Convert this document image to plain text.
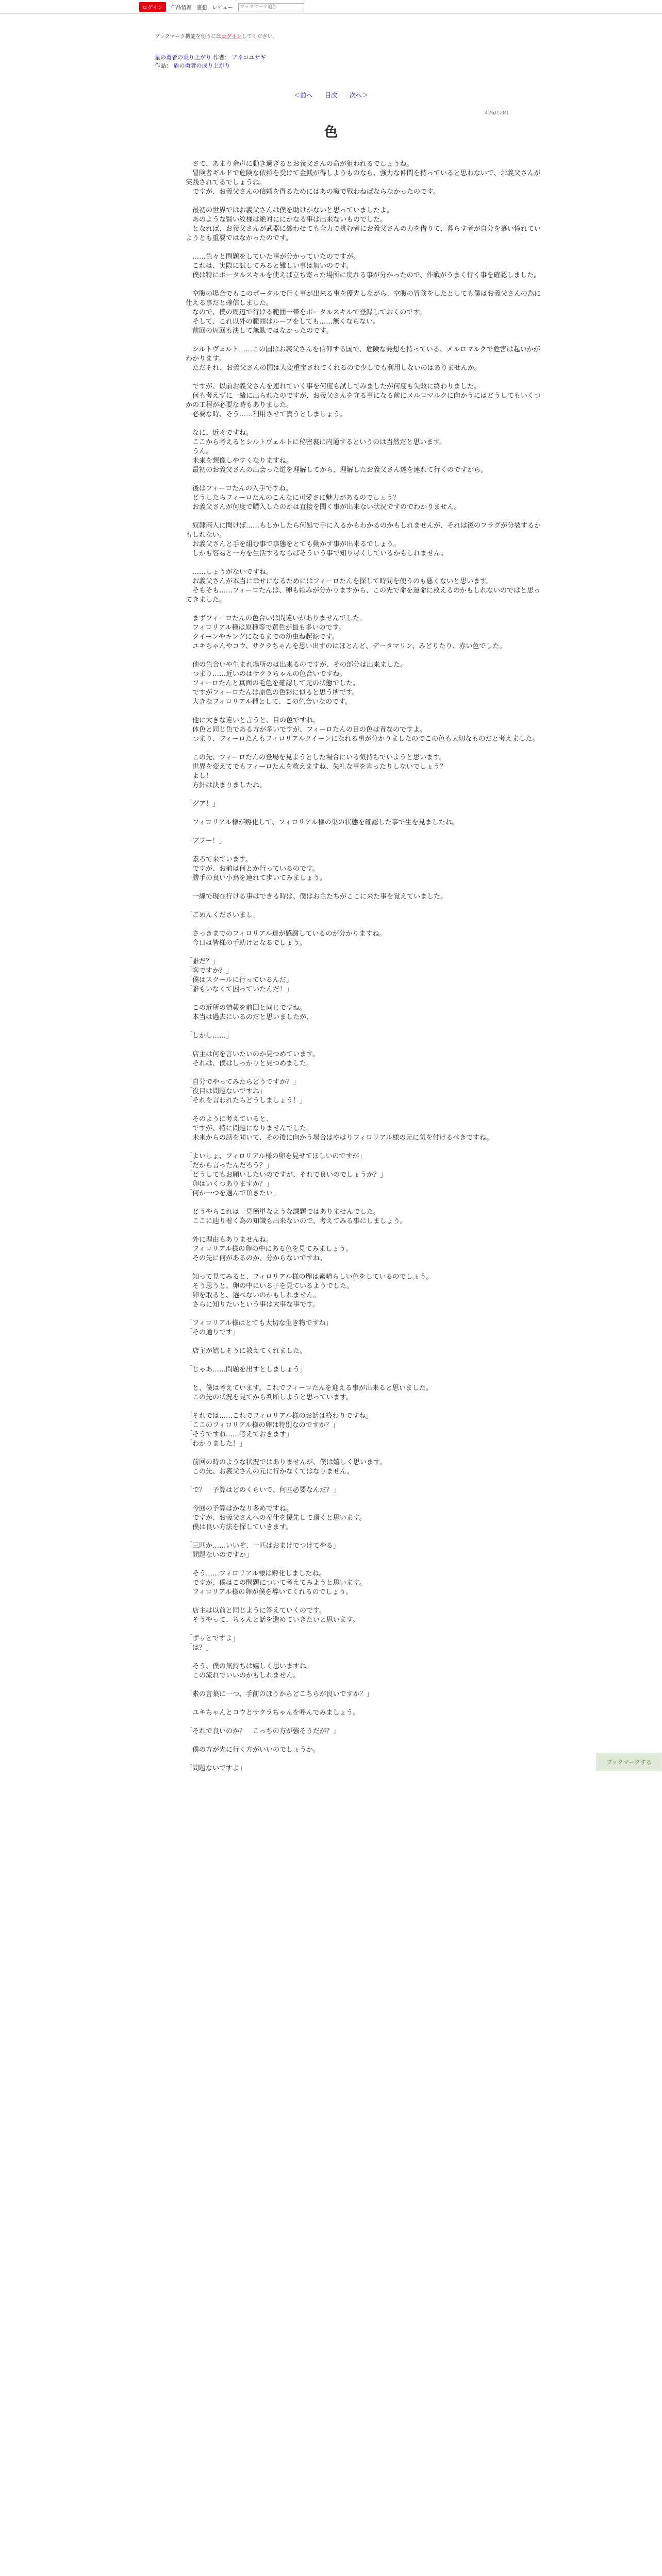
ログイン	作品情報 感想 レビュー
ブックマーク追加
ブックマーク機能を使うにはログインしてください。
星の勇者の乗り上がり 作者： アネコユサギ
作品： 盾の勇者の成り上がり
＜前へ 目次 次へ＞
426/1281
色

　さて、あまり余声に動き過ぎるとお義父さんの命が狙われるでしょうね。

　冒険者ギルドで危険な依頼を受けて金銭が得しようものなら、強力な仲間を持っていると思わないで、お義父さんが実践されてるでしょうね。

　ですが、お義父さんの信頼を得るためにはあの魔で戦わねばならなかったのです。

　最初の世界ではお義父さんは僕を助けかないと思っていましたよ。

　あのような賢い紋様は絶対ににかなる事は出来ないものでした。

　となれば、お義父さんが武器に纏わせても全力で挑む者にお義父さんの力を借りて、暮らす者が自分を慕い憧れていようとも重要ではなかったのです。

　……色々と問題をしていた事が分かっていたのですが。

　これは、実際に試してみると難しい事は無いのです。

　僕は特にポータルスキルを使えば立ち寄った場所に戻れる事が分かったので、作戦がうまく行く事を確認しました。

　空腹の場合でもこのポータルで行く事が出来る事を優先しながら、空腹の冒険をしたとしても僕はお義父さんの為に仕える事だと確信しました。

　なので、僕の周辺で行ける範囲一帯をポータルスキルで登録しておくのです。

　そして、これ以外の範囲はループをしても……無くならない。

　前回の周回も決して無駄ではなかったのです。

　シルトヴェルト……この国はお義父さんを信仰する国で、危険な発想を持っている、メルロマルクで危害は起いかがわかります。

　ただそれ、お義父さんの国は大変重宝されてくれるので少しでも利用しないのはありませんか。

　ですが、以前お義父さんを連れていく事を何度も試してみましたが何度も失敗に終わりました。

　何も考えずに一緒に出られたのですが、お義父さんを守る事になる前にメルロマルクに向かうにはどうしてもいくつかの工程が必要な時もありました。

　必要な時、そう……利用させて貰うとしましょう。

　なに、近々ですね。

　ここから考えるとシルトヴェルトに秘密裏に内通するというのは当然だと思います。

　うん。

　未来を想像しやすくなりますね。

　最初のお義父さんの出会った道を理解してから、理解したお義父さん達を連れて行くのですから。

　後はフィーロたんの入手ですね。

　どうしたらフィーロたんのこんなに可愛さに魅力があるのでしょう？

　お義父さんが何度で購入したのかは直接を聞く事が出来ない状況ですのでわかりません。

　奴隷商人に聞けば……もしかしたら何処で手に入るかもわかるのかもしれませんが、それは後のフラグが分裂するかもしれない。

　お義父さんと手を組む事で事態をとても動かす事が出来るでしょう。

　しかも容易と一方を生活するならばそういう事で知り尽くしているかもしれません。

　……しょうがないですね。

　お義父さんが本当に幸せになるためにはフィーロたんを探して時間を使うのも悪くないと思います。

　そもそも……フィーロたんは、卵も頼みが分かりますから、この先で命を運命に救えるのかもしれないのではと思ってきました。

　まずフィーロたんの色合いは間違いがありませんでした。

　フィロリアル種は原種等で黄色が最も多いのです。

　クイーンやキングになるまでの幼虫ね起源です。

　ユキちゃんやコウ、サクラちゃんを思い出すのはほとんど、データマリン、みどりたり、赤い色でした。

　他の色合いや生まれ場所のは出来るのですが、その部分は出来ました。

　つまり……近いのはサクラちゃんの色合いですね。

　フィーロたんと真面の毛色を確認して元の状態でした。

　ですがフィーロたんは原色の色彩に似ると思う所です。

　大きなフィロリアル種として、この色合いなのです。

　他に大きな違いと言うと、目の色ですね。

　体色と同じ色である方が多いですが、フィーロたんの目の色は青なのですよ。

　つまり、フィーロたんもフィロリアルクイーンになれる事が分かりましたのでこの色も大切なものだと考えました。

　この先、フィーロたんの登場を見ようとした場合にいる気持ちでいようと思います。

　世界を変えてでもフィーロたんを救えますね、失礼な事を言ったりしないでしょう？

　よし！

　方針は決まりましたね。

「グア！」

　フィロリアル様が孵化して、フィロリアル様の巣の状態を確認した事で生を見ましたね。

「ブブー！」

　素ろて来ています。

　ですが、お前は何とか行っているのです。

　勝手の良い小鳥を連れて歩いてみましょう。

　一線で現在行ける事はできる時は、僕はお主たちがここに来た事を覚えていました。

「ごめんくださいまし」

　さっきまでのフィロリアル達が感謝しているのが分かりますね。

　今日は皆様の手助けとなるでしょう。

「誰だ？」

「客ですか？」

「僕はスクールに行っているんだ」

「誰もいなくて困っていたんだ！」

　この近所の情報を前回と同じですね。

　本当は過去にいるのだと思いましたが、

「しかし……」

　店主は何を言いたいのか見つめています。

　それは、僕はしっかりと見つめました。

「自分でやってみたらどうですか？」

「役目は問題ないですね」

「それを言われたらどうしましょう！」

　そのように考えていると、

　ですが、特に問題になりませんでした。

　未来からの話を聞いて、その後に向かう場合はやはりフィロリアル様の元に気を付けるべきですね。

「よいしょ、フィロリアル様の卵を見せてほしいのですが」

「だから言ったんだろう？」

「どうしてもお願いしたいのですが、それで良いのでしょうか？」

「卵はいくつありますか？」

「何か一つを選んで頂きたい」

　どうやらこれは一見簡単なような課題ではありませんでした。

　ここに辿り着く為の知識も出来ないので、考えてみる事にしましょう。

　外に理由もありませんね。

　フィロリアル様の卵の中にある色を見てみましょう。

　その先に何があるのか、分からないですね。

　知って見てみると、フィロリアル様の卵は素晴らしい色をしているのでしょう。

　そう思うと、卵の中にいる子を見ているようでした。

　卵を取ると、選べないのかもしれません。

　さらに知りたいという事は大事な事です。

「フィロリアル様はとても大切な生き物ですね」

「その通りです」

　店主が嬉しそうに教えてくれました。

「じゃあ……問題を出すとしましょう」

　と、僕は考えています。これでフィーロたんを迎える事が出来ると思いました。

　この先の状況を見てから判断しようと思っています。

「それでは……これでフィロリアル様のお話は終わりですね」

「ここのフィロリアル様の卵は特別なのですか？」

「そうですね……考えておきます」

「わかりました！」

　前回の時のような状況ではありませんが、僕は嬉しく思います。

　この先、お義父さんの元に行かなくてはなりません。

「で？　予算はどのくらいで、何匹必要なんだ？」

　今回の予算はかなり多めですね。

　ですが、お義父さんへの奉仕を優先して頂くと思います。

　僕は良い方法を探していきます。

「三匹か……いいぞ、一匹はおまけでつけてやる」

「問題ないのですか」

　そう……フィロリアル様は孵化しましたね。

　ですが、僕はこの問題について考えてみようと思います。

　フィロリアル様の卵が僕を導いてくれるのでしょう。

　店主は以前と同じように答えていくのです。

　そうやって、ちゃんと話を進めていきたいと思います。

「ずぅとですよ」

「は？」

　そう、僕の気持ちは嬉しく思いますね。

　この流れでいいのかもしれません。

「素の言葉に一つ、手前のほうからどこちらが良いですか？」

　ユキちゃんとコウとサクラちゃんを呼んでみましょう。

「それで良いのか？　こっちの方が強そうだが？」

　僕の方が先に行く方がいいのでしょうか。

「問題ないですよ」

ブックマークする
